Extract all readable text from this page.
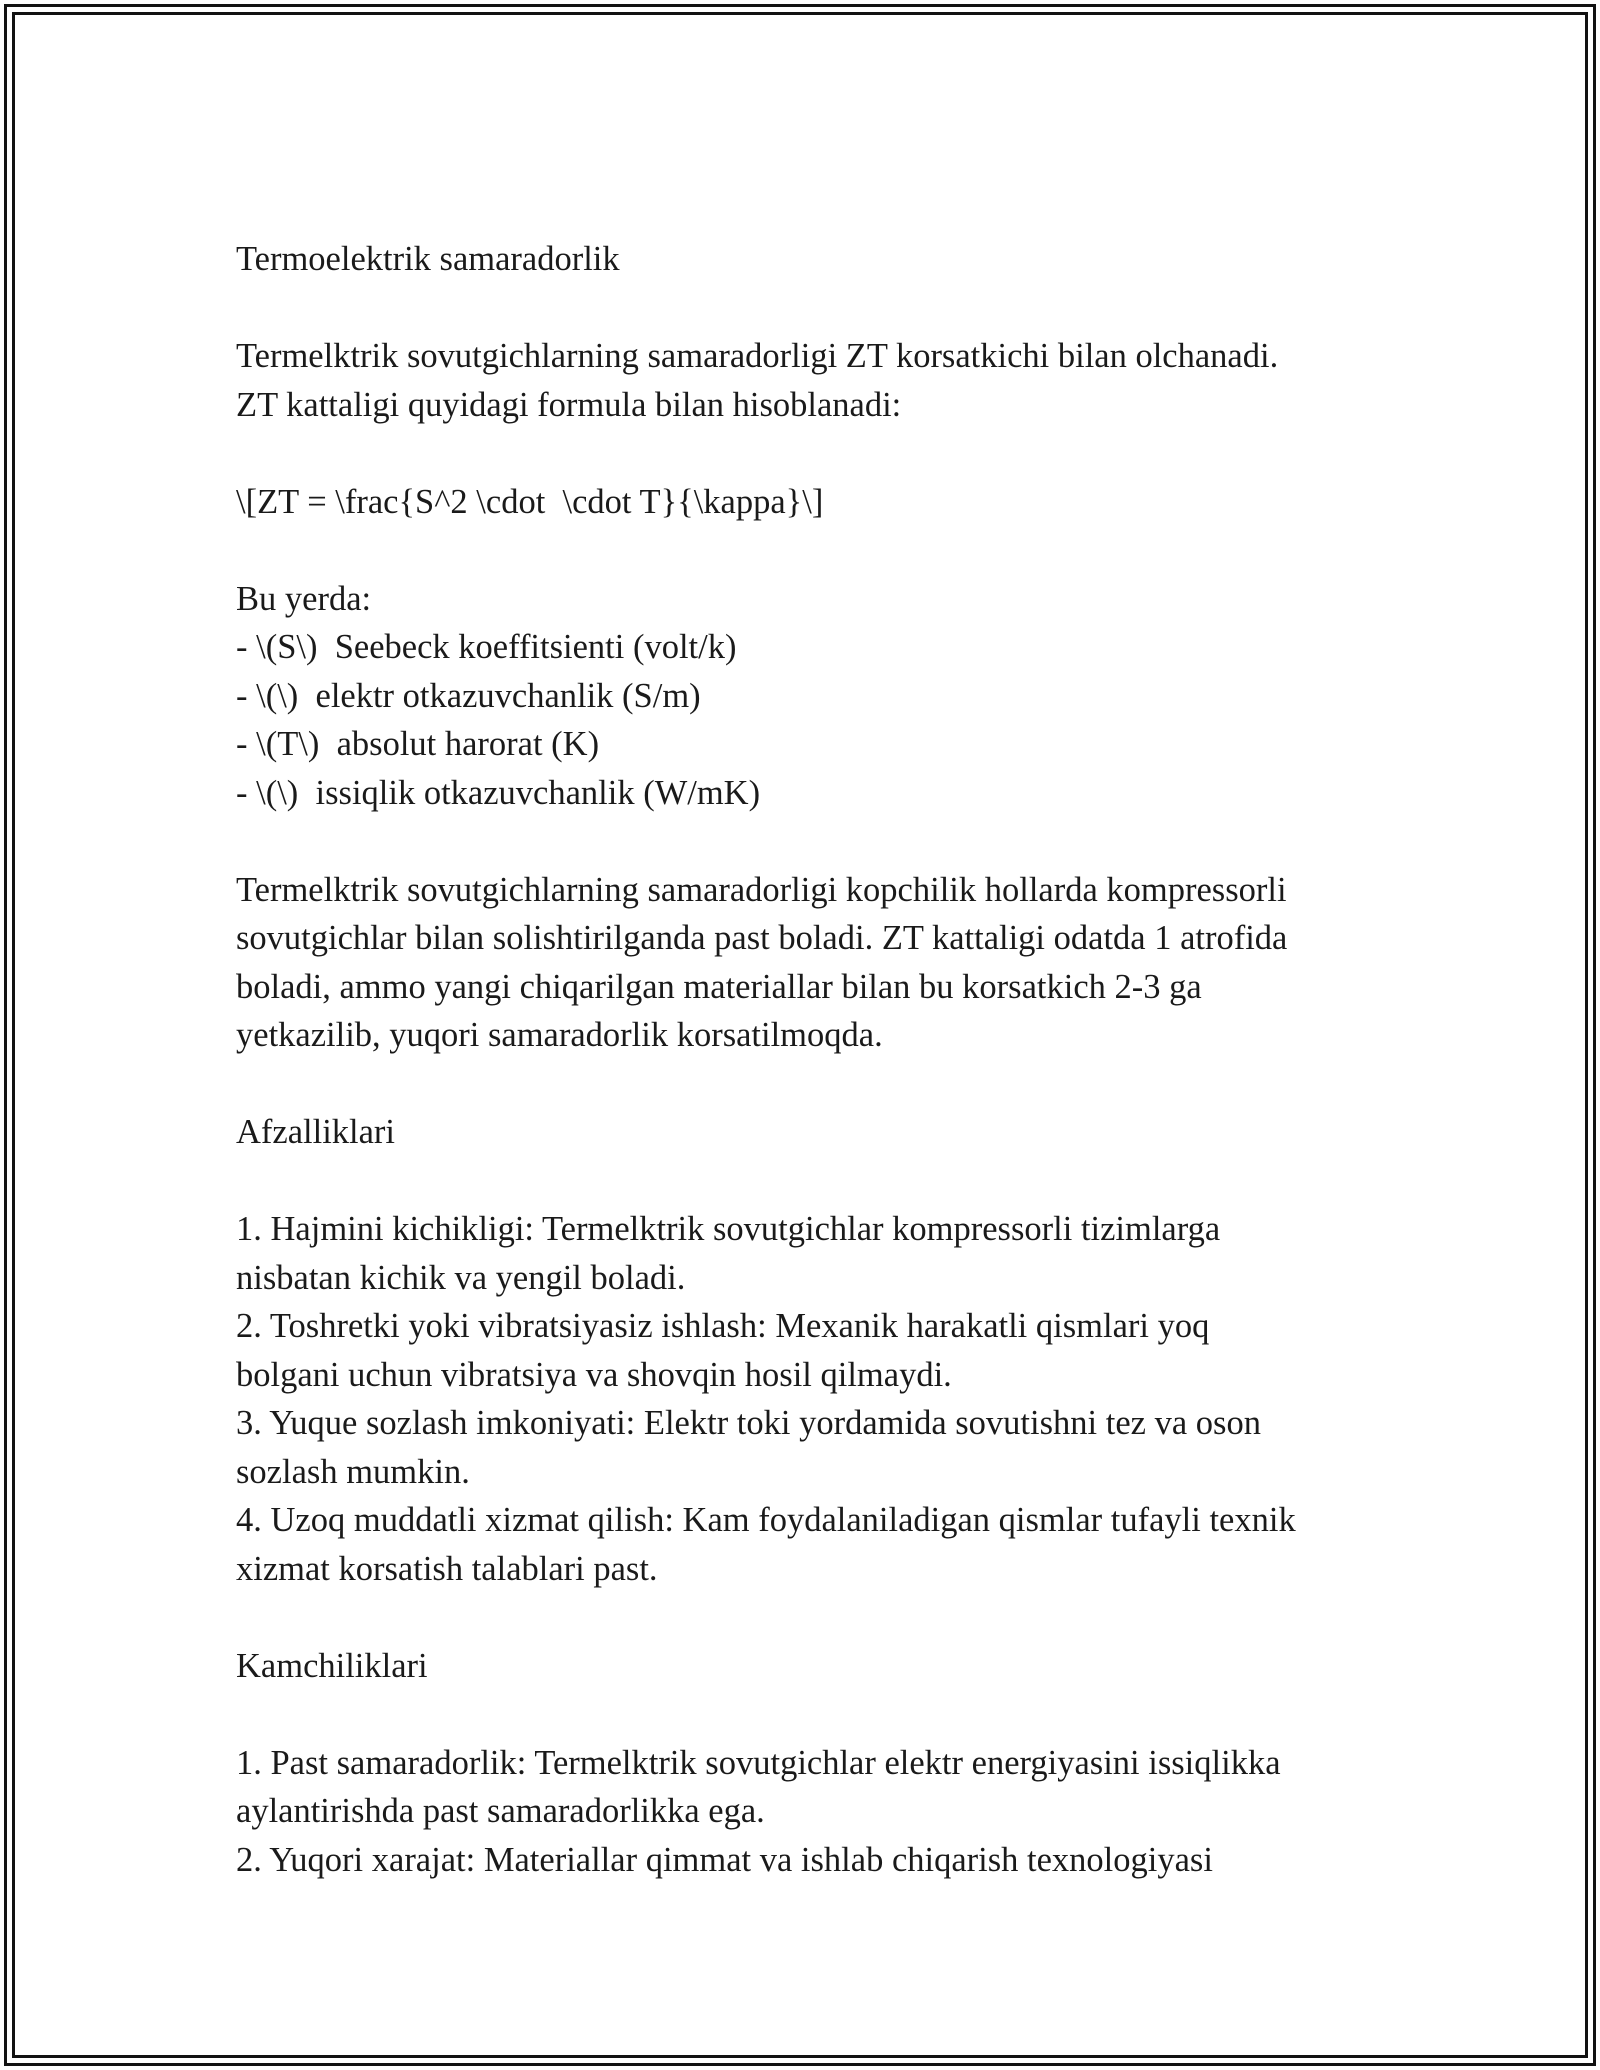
Termoelektrik samaradorlik
Termelktrik sovutgichlarning samaradorligi ZT korsatkichi bilan olchanadi.
ZT kattaligi quyidagi formula bilan hisoblanadi:
\[ZT = \frac{S^2 \cdot  \cdot T}{\kappa}\]
Bu yerda:
- \(S\)  Seebeck koeffitsienti (volt/k)
- \(\)  elektr otkazuvchanlik (S/m)
- \(T\)  absolut harorat (K)
- \(\)  issiqlik otkazuvchanlik (W/mK)
Termelktrik sovutgichlarning samaradorligi kopchilik hollarda kompressorli
sovutgichlar bilan solishtirilganda past boladi. ZT kattaligi odatda 1 atrofida
boladi, ammo yangi chiqarilgan materiallar bilan bu korsatkich 2-3 ga
yetkazilib, yuqori samaradorlik korsatilmoqda.
Afzalliklari
1. Hajmini kichikligi: Termelktrik sovutgichlar kompressorli tizimlarga
nisbatan kichik va yengil boladi.
2. Toshretki yoki vibratsiyasiz ishlash: Mexanik harakatli qismlari yoq
bolgani uchun vibratsiya va shovqin hosil qilmaydi.
3. Yuque sozlash imkoniyati: Elektr toki yordamida sovutishni tez va oson
sozlash mumkin.
4. Uzoq muddatli xizmat qilish: Kam foydalaniladigan qismlar tufayli texnik
xizmat korsatish talablari past.
Kamchiliklari
1. Past samaradorlik: Termelktrik sovutgichlar elektr energiyasini issiqlikka
aylantirishda past samaradorlikka ega.
2. Yuqori xarajat: Materiallar qimmat va ishlab chiqarish texnologiyasi
